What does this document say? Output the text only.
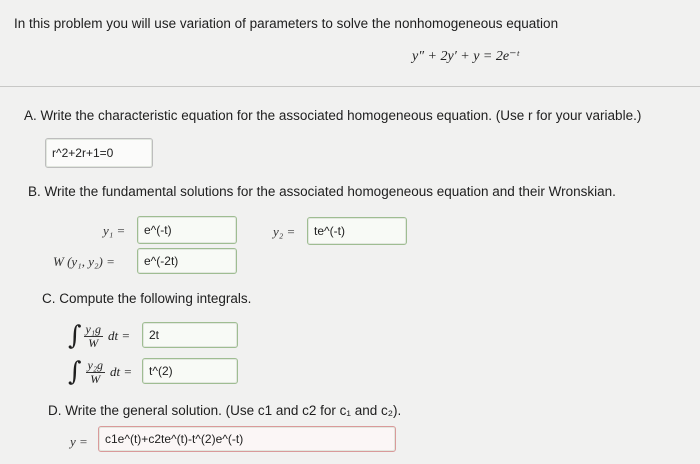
In this problem you will use variation of parameters to solve the nonhomogeneous equation
y″ + 2y′ + y = 2e⁻ᵗ
A. Write the characteristic equation for the associated homogeneous equation. (Use r for your variable.)
r^2+2r+1=0
B. Write the fundamental solutions for the associated homogeneous equation and their Wronskian.
y₁ =	e^(-t)	y₂ =	te^(-t)
W (y₁, y₂) =	e^(-2t)
C. Compute the following integrals.
∫ $\frac{\text{y₁g}}{W}$ dt =	2t
∫ $\frac{\text{y₂g}}{W}$ dt =	t^(2)
D. Write the general solution. (Use c1 and c2 for c₁ and c₂).
y =	c1e^(t)+c2te^(t)-t^(2)e^(-t)
